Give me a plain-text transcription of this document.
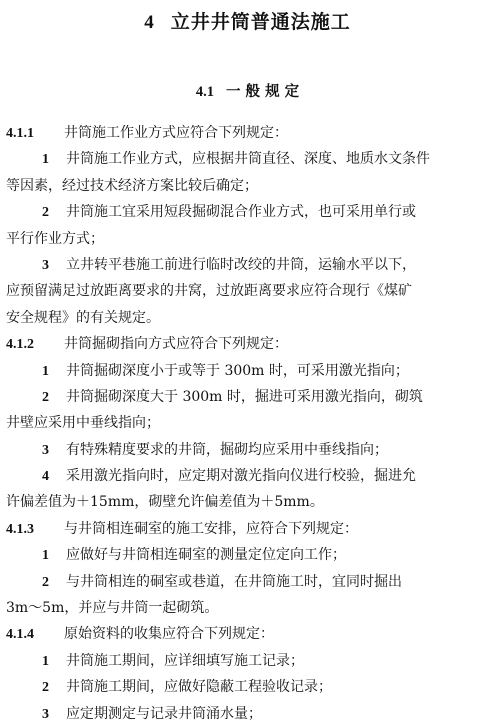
4 立井井筒普通法施工
4.1 一 般 规 定
4.1.1 井筒施工作业方式应符合下列规定：
1 井筒施工作业方式，应根据井筒直径、深度、地质水文条件
等因素，经过技术经济方案比较后确定；
2 井筒施工宜采用短段掘砌混合作业方式，也可采用单行或
平行作业方式；
3 立井转平巷施工前进行临时改绞的井筒，运输水平以下，
应预留满足过放距离要求的井窝，过放距离要求应符合现行《煤矿
安全规程》的有关规定。
4.1.2 井筒掘砌指向方式应符合下列规定：
1 井筒掘砌深度小于或等于 300m 时，可采用激光指向；
2 井筒掘砌深度大于 300m 时，掘进可采用激光指向，砌筑
井壁应采用中垂线指向；
3 有特殊精度要求的井筒，掘砌均应采用中垂线指向；
4 采用激光指向时，应定期对激光指向仪进行校验，掘进允
许偏差值为＋15mm，砌壁允许偏差值为＋5mm。
4.1.3 与井筒相连硐室的施工安排，应符合下列规定：
1 应做好与井筒相连硐室的测量定位定向工作；
2 与井筒相连的硐室或巷道，在井筒施工时，宜同时掘出
3m～5m，并应与井筒一起砌筑。
4.1.4 原始资料的收集应符合下列规定：
1 井筒施工期间，应详细填写施工记录；
2 井筒施工期间，应做好隐蔽工程验收记录；
3 应定期测定与记录井筒涌水量；
